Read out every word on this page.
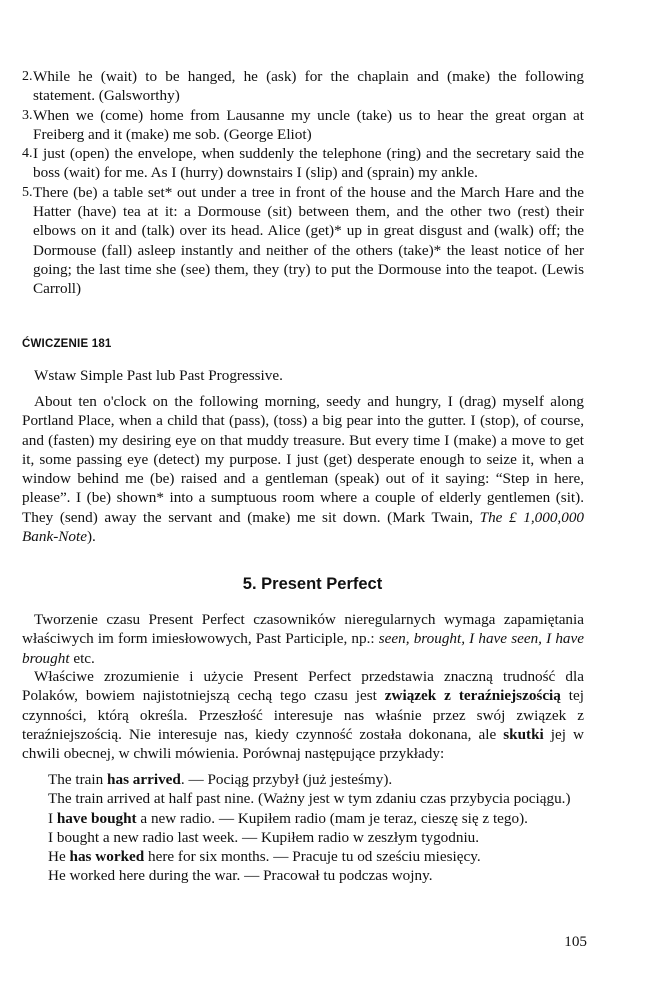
2. While he (wait) to be hanged, he (ask) for the chaplain and (make) the following statement. (Galsworthy)
3. When we (come) home from Lausanne my uncle (take) us to hear the great organ at Freiberg and it (make) me sob. (George Eliot)
4. I just (open) the envelope, when suddenly the telephone (ring) and the secretary said the boss (wait) for me. As I (hurry) downstairs I (slip) and (sprain) my ankle.
5. There (be) a table set* out under a tree in front of the house and the March Hare and the Hatter (have) tea at it: a Dormouse (sit) between them, and the other two (rest) their elbows on it and (talk) over its head. Alice (get)* up in great disgust and (walk) off; the Dormouse (fall) asleep instantly and neither of the others (take)* the least notice of her going; the last time she (see) them, they (try) to put the Dormouse into the teapot. (Lewis Carroll)
ĆWICZENIE 181
Wstaw Simple Past lub Past Progressive.
About ten o'clock on the following morning, seedy and hungry, I (drag) myself along Portland Place, when a child that (pass), (toss) a big pear into the gutter. I (stop), of course, and (fasten) my desiring eye on that muddy treasure. But every time I (make) a move to get it, some passing eye (detect) my purpose. I just (get) desperate enough to seize it, when a window behind me (be) raised and a gentleman (speak) out of it saying: “Step in here, please”. I (be) shown* into a sumptuous room where a couple of elderly gentlemen (sit). They (send) away the servant and (make) me sit down. (Mark Twain, The £ 1,000,000 Bank-Note).
5. Present Perfect
Tworzenie czasu Present Perfect czasowników nieregularnych wymaga zapamiętania właściwych im form imiesłowowych, Past Participle, np.: seen, brought, I have seen, I have brought etc.
Właściwe zrozumienie i użycie Present Perfect przedstawia znaczną trudność dla Polaków, bowiem najistotniejszą cechą tego czasu jest związek z teraźniejszością tej czynności, którą określa. Przeszłość interesuje nas właśnie przez swój związek z teraźniejszością. Nie interesuje nas, kiedy czynność została dokonana, ale skutki jej w chwili obecnej, w chwili mówienia. Porównaj następujące przykłady:
The train has arrived. — Pociąg przybył (już jesteśmy).
The train arrived at half past nine. (Ważny jest w tym zdaniu czas przybycia pociągu.)
I have bought a new radio. — Kupiłem radio (mam je teraz, cieszę się z tego).
I bought a new radio last week. — Kupiłem radio w zeszłym tygodniu.
He has worked here for six months. — Pracuje tu od sześciu miesięcy.
He worked here during the war. — Pracował tu podczas wojny.
105
